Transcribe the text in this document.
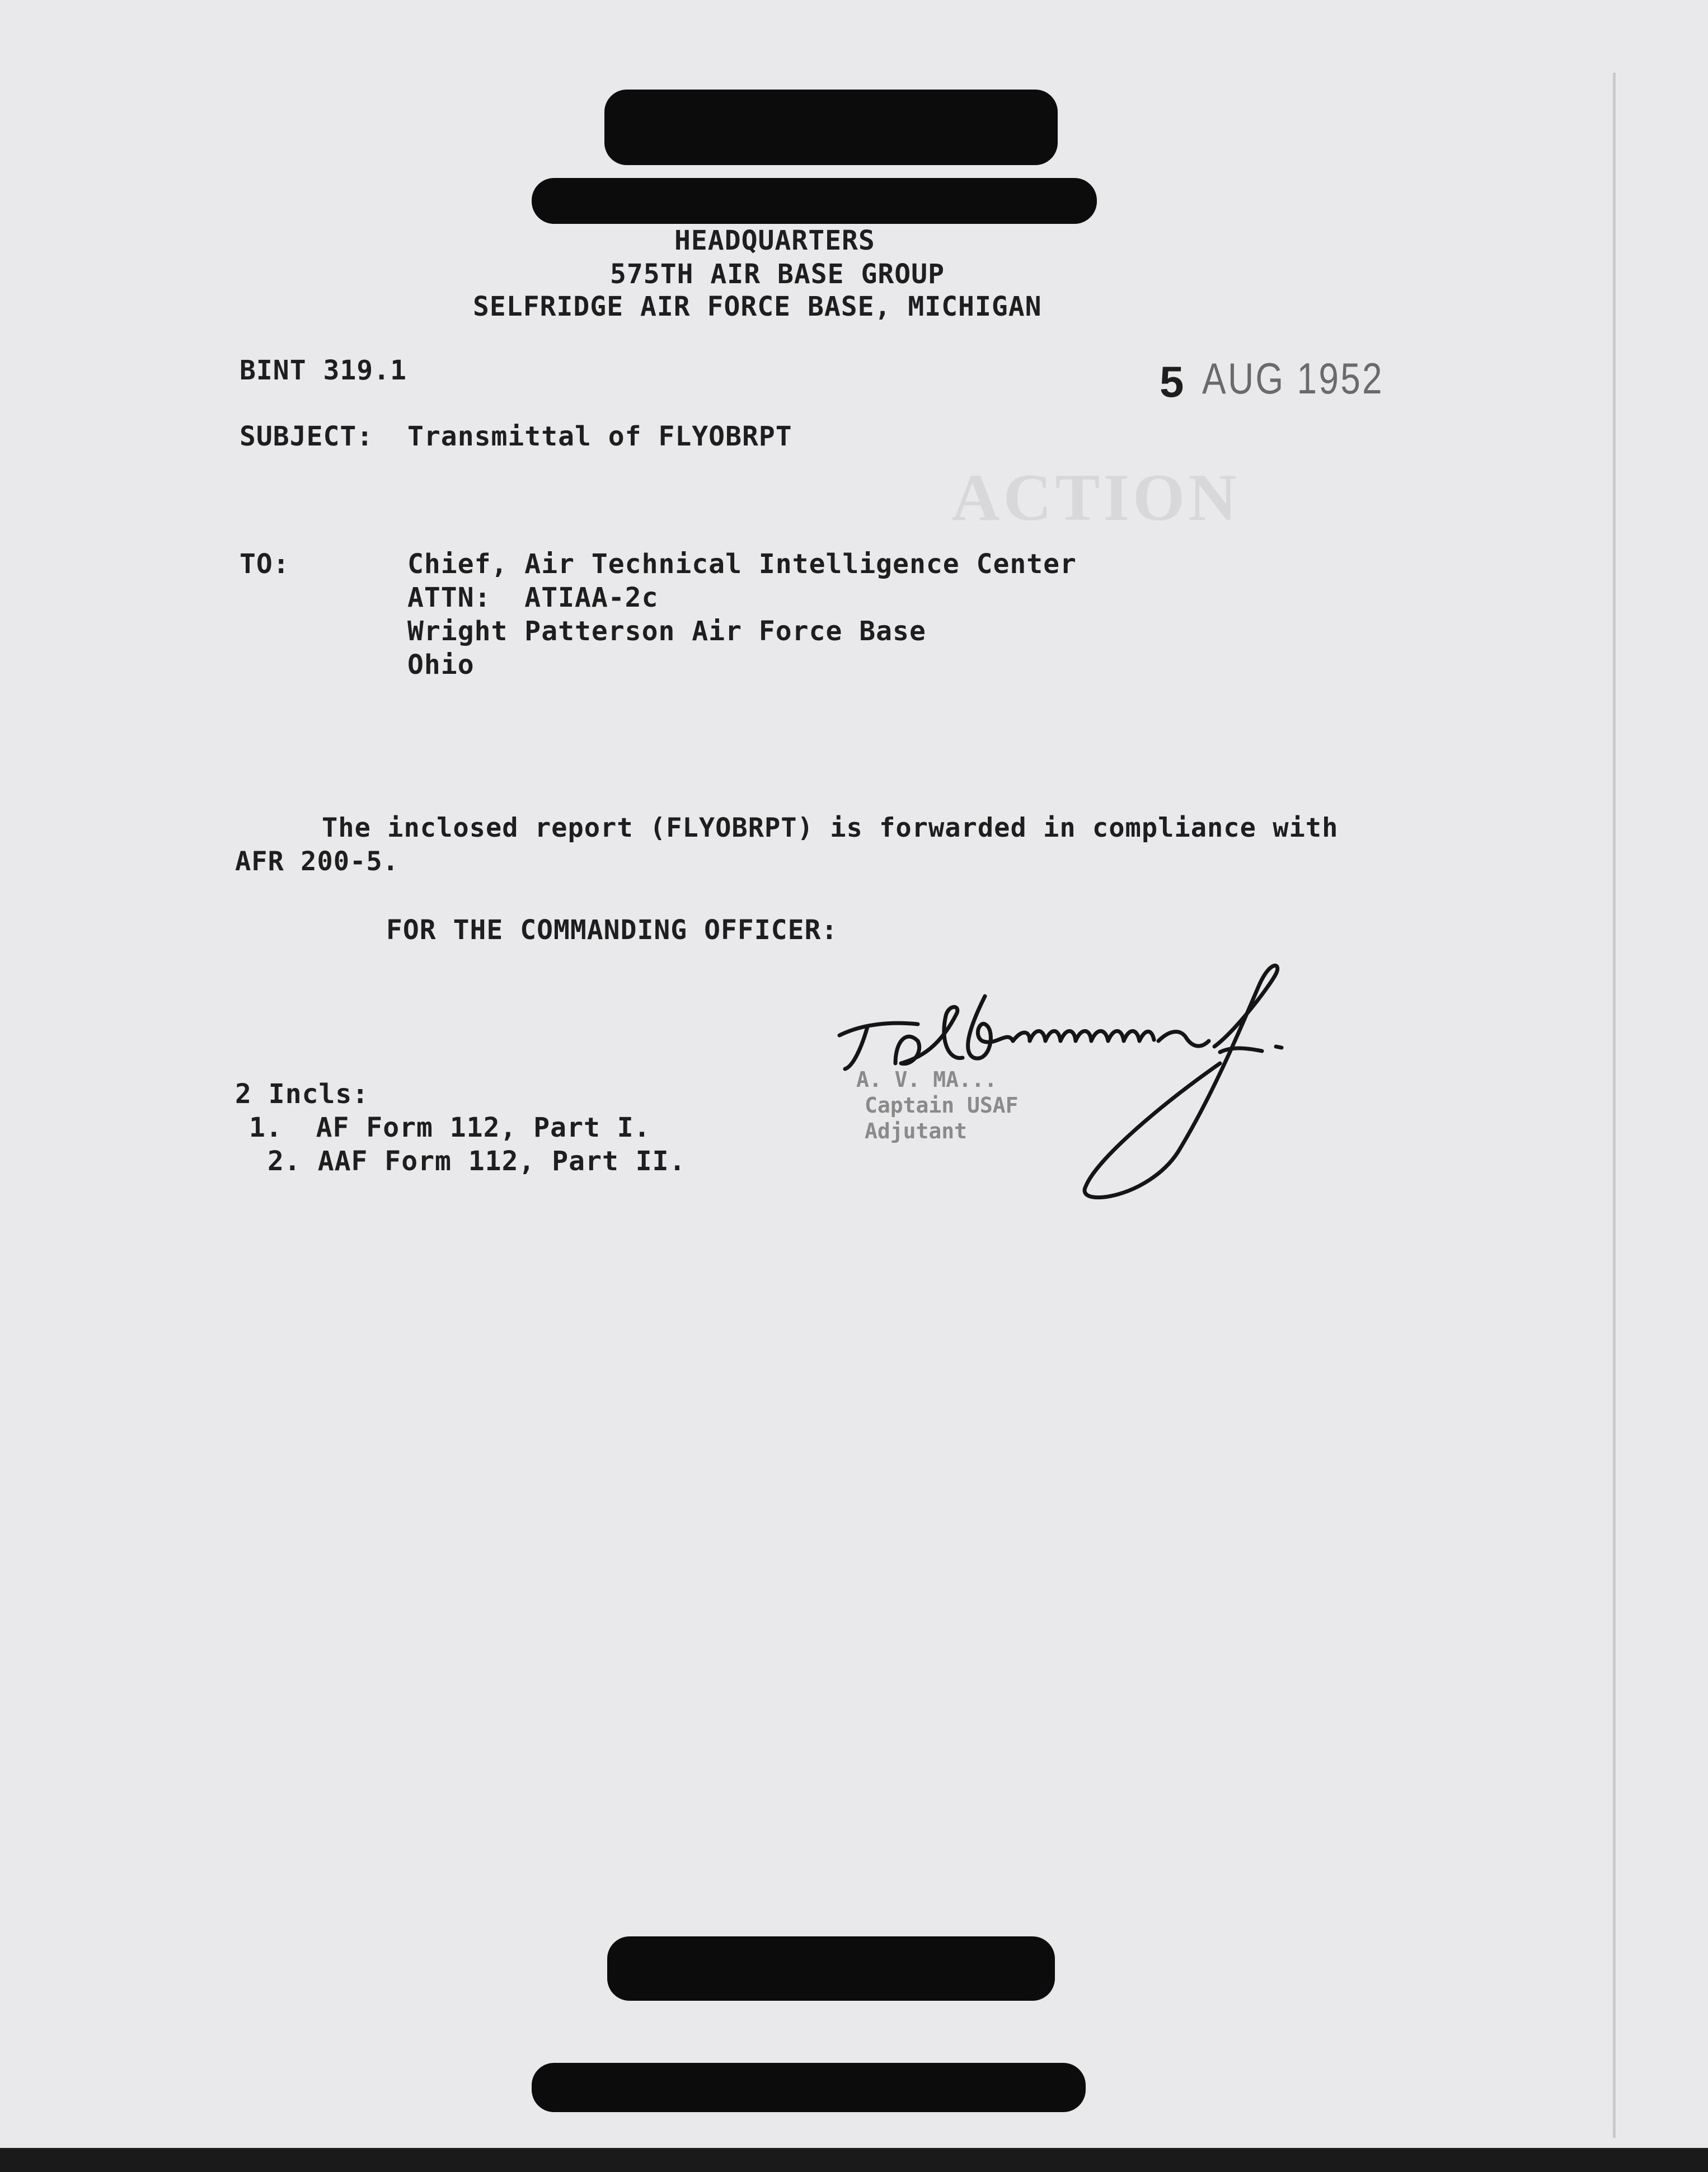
ACTION
HEADQUARTERS
575TH AIR BASE GROUP
SELFRIDGE AIR FORCE BASE, MICHIGAN
BINT 319.1	5 AUG 1952
SUBJECT: Transmittal of FLYOBRPT
TO:	Chief, Air Technical Intelligence Center
ATTN:  ATIAA-2c
Wright Patterson Air Force Base
Ohio
The inclosed report (FLYOBRPT) is forwarded in compliance with
AFR 200-5.
FOR THE COMMANDING OFFICER:
A. V. MA...
Captain USAF
Adjutant
2 Incls:
1.  AF Form 112, Part I.
2. AAF Form 112, Part II.
